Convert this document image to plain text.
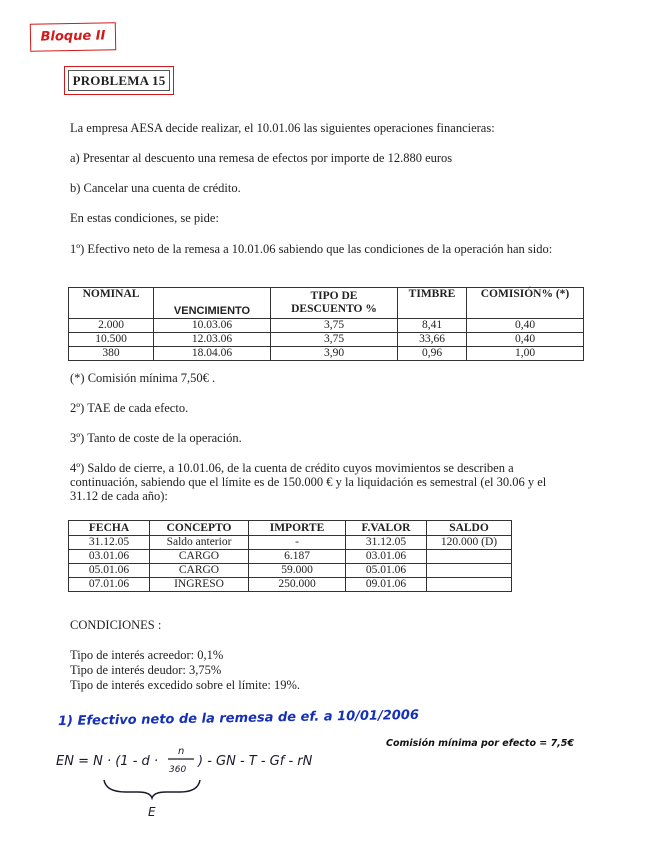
Bloque II
PROBLEMA 15
La empresa AESA decide realizar, el 10.01.06 las siguientes operaciones financieras:
a) Presentar al descuento una remesa de efectos por importe de 12.880 euros
b) Cancelar una cuenta de crédito.
En estas condiciones, se pide:
1º) Efectivo neto de la remesa a 10.01.06 sabiendo que las condiciones de la operación han sido:
NOMINAL	VENCIMIENTO	TIPO DE DESCUENTO %	TIMBRE	COMISIÓN% (*)
2.000	10.03.06	3,75	8,41	0,40
10.500	12.03.06	3,75	33,66	0,40
380	18.04.06	3,90	0,96	1,00
(*) Comisión mínima 7,50€ .
2º) TAE de cada efecto.
3º) Tanto de coste de la operación.
4º) Saldo de cierre, a 10.01.06, de la cuenta de crédito cuyos movimientos se describen a continuación, sabiendo que el límite es de 150.000 € y la liquidación es semestral (el 30.06 y el 31.12 de cada año):
FECHA	CONCEPTO	IMPORTE	F.VALOR	SALDO
31.12.05	Saldo anterior	-	31.12.05	120.000 (D)
03.01.06	CARGO	6.187	03.01.06	
05.01.06	CARGO	59.000	05.01.06	
07.01.06	INGRESO	250.000	09.01.06	
CONDICIONES :
Tipo de interés acreedor: 0,1%
Tipo de interés deudor: 3,75%
Tipo de interés excedido sobre el límite: 19%.
1) Efectivo neto de la remesa de ef. a 10/01/2006
Comisión mínima por efecto = 7,5€
EN = N · (1 - d ·
n
360
) - GN - T - Gf - rN
E
